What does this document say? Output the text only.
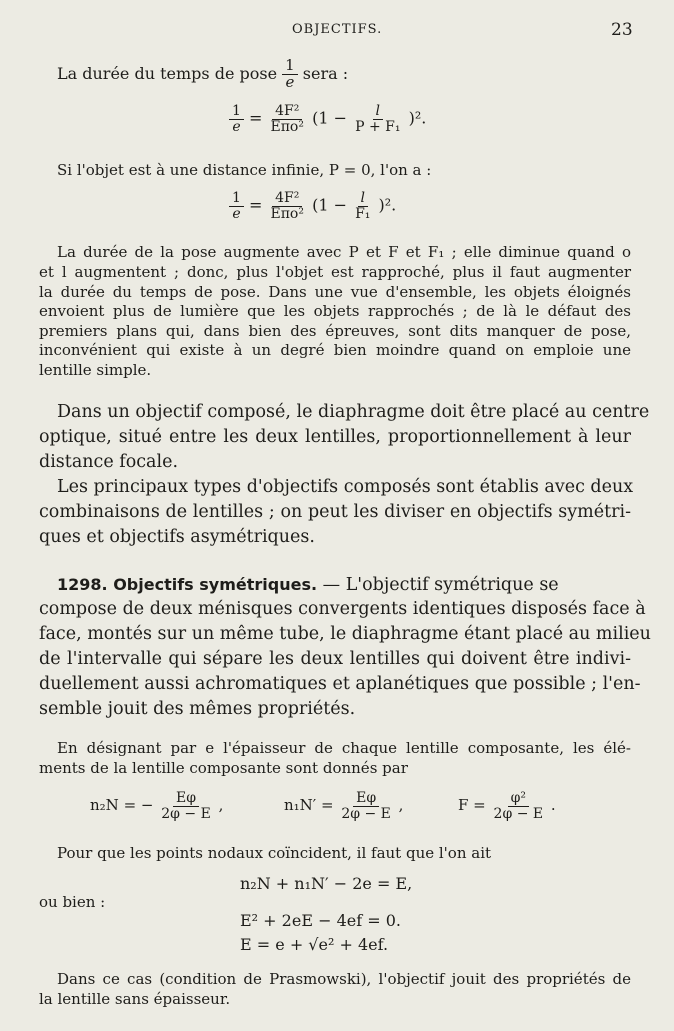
OBJECTIFS.	23
La durée du temps de pose $\frac{1}{e}$ sera :
$\frac{1}{e} = \frac{\text{4F²}}{\text{Eπo²}} (1 - \frac{l}{\text{P + F₁}} )^2$.
Si l'objet est à une distance infinie, P = 0, l'on a :
$\frac{1}{e} = \frac{\text{4F²}}{\text{Eπo²}} (1 - \frac{l}{\text{F₁}} )^2$.
La durée de la pose augmente avec P et F et F₁ ; elle diminue quand o
et l augmentent ; donc, plus l'objet est rapproché, plus il faut augmenter
la durée du temps de pose. Dans une vue d'ensemble, les objets éloignés
envoient plus de lumière que les objets rapprochés ; de là le défaut des
premiers plans qui, dans bien des épreuves, sont dits manquer de pose,
inconvénient qui existe à un degré bien moindre quand on emploie une
lentille simple.
Dans un objectif composé, le diaphragme doit être placé au centre
optique, situé entre les deux lentilles, proportionnellement à leur
distance focale.
Les principaux types d'objectifs composés sont établis avec deux
combinaisons de lentilles ; on peut les diviser en objectifs symétri-
ques et objectifs asymétriques.
1298. Objectifs symétriques. — L'objectif symétrique se
compose de deux ménisques convergents identiques disposés face à
face, montés sur un même tube, le diaphragme étant placé au milieu
de l'intervalle qui sépare les deux lentilles qui doivent être indivi-
duellement aussi achromatiques et aplanétiques que possible ; l'en-
semble jouit des mêmes propriétés.
En désignant par e l'épaisseur de chaque lentille composante, les élé-
ments de la lentille composante sont donnés par
n₂N = − $\frac{E\varphi}{2\varphi - E}$ ,	$n_1N' = \frac{E\varphi}{2\varphi - E}$ ,	$F = \frac{\text{φ²}}{2\varphi - E}$ .
Pour que les points nodaux coïncident, il faut que l'on ait
n₂N + n₁N′ − 2e = E,
ou bien :
E² + 2eE − 4ef = 0.
E = e + √e² + 4ef.
Dans ce cas (condition de Prasmowski), l'objectif jouit des propriétés de
la lentille sans épaisseur.
